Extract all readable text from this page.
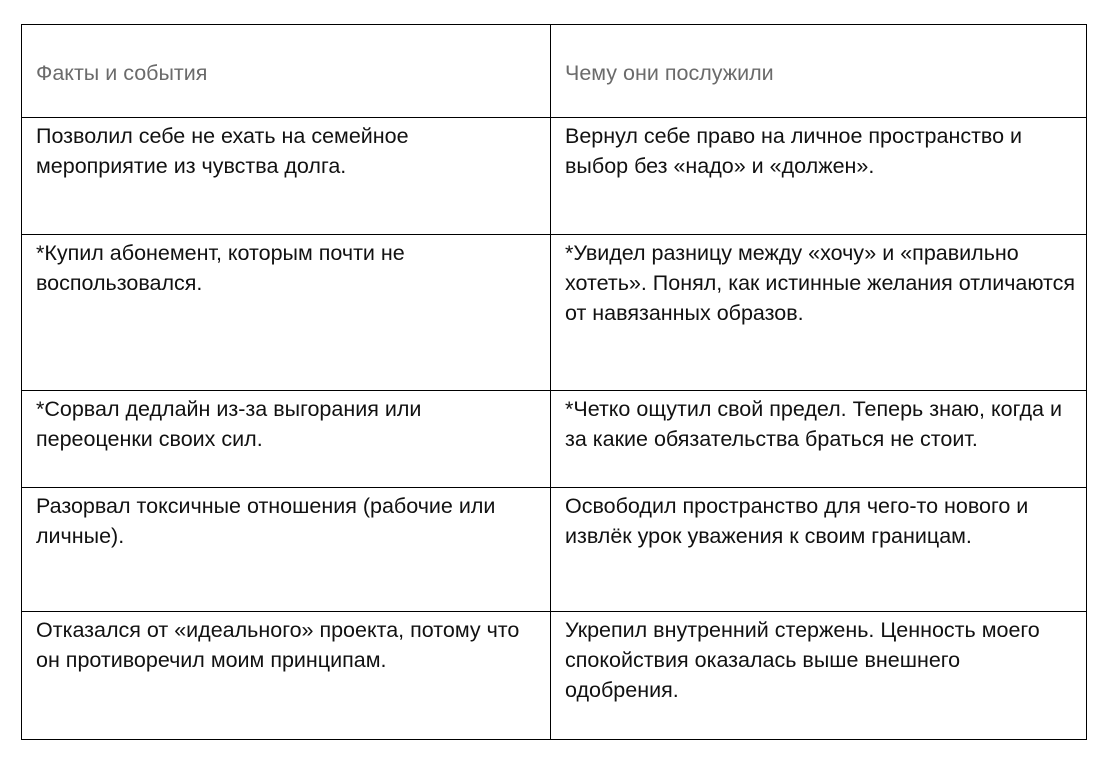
Факты и события	Чему они послужили
Позволил себе не ехать на семейное мероприятие из чувства долга.	Вернул себе право на личное пространство и выбор без «надо» и «должен».
*Купил абонемент, которым почти не воспользовался.	*Увидел разницу между «хочу» и «правильно хотеть». Понял, как истинные желания отличаются от навязанных образов.
*Сорвал дедлайн из-за выгорания или переоценки своих сил.	*Четко ощутил свой предел. Теперь знаю, когда и за какие обязательства браться не стоит.
Разорвал токсичные отношения (рабочие или личные).	Освободил пространство для чего-то нового и извлёк урок уважения к своим границам.
Отказался от «идеального» проекта, потому что он противоречил моим принципам.	Укрепил внутренний стержень. Ценность моего спокойствия оказалась выше внешнего одобрения.
